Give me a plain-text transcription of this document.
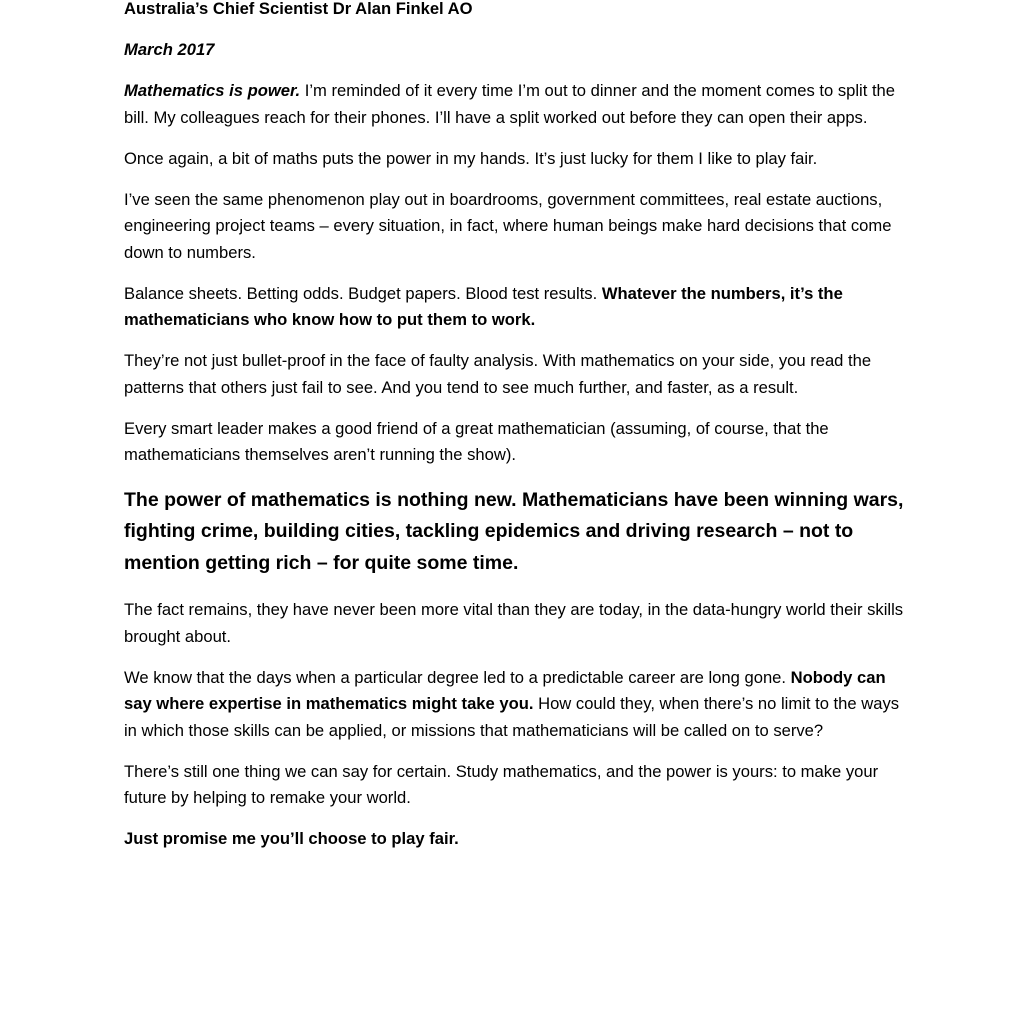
Australia’s Chief Scientist Dr Alan Finkel AO

March 2017

Mathematics is power. I’m reminded of it every time I’m out to dinner and the moment comes to split the bill. My colleagues reach for their phones. I’ll have a split worked out before they can open their apps.

Once again, a bit of maths puts the power in my hands. It’s just lucky for them I like to play fair.

I’ve seen the same phenomenon play out in boardrooms, government committees, real estate auctions, engineering project teams – every situation, in fact, where human beings make hard decisions that come down to numbers.

Balance sheets. Betting odds. Budget papers. Blood test results. Whatever the numbers, it’s the mathematicians who know how to put them to work.

They’re not just bullet-proof in the face of faulty analysis. With mathematics on your side, you read the patterns that others just fail to see. And you tend to see much further, and faster, as a result.

Every smart leader makes a good friend of a great mathematician (assuming, of course, that the mathematicians themselves aren’t running the show).

The power of mathematics is nothing new. Mathematicians have been winning wars, fighting crime, building cities, tackling epidemics and driving research – not to mention getting rich – for quite some time.

The fact remains, they have never been more vital than they are today, in the data-hungry world their skills brought about.

We know that the days when a particular degree led to a predictable career are long gone. Nobody can say where expertise in mathematics might take you. How could they, when there’s no limit to the ways in which those skills can be applied, or missions that mathematicians will be called on to serve?

There’s still one thing we can say for certain. Study mathematics, and the power is yours: to make your future by helping to remake your world.

Just promise me you’ll choose to play fair.
